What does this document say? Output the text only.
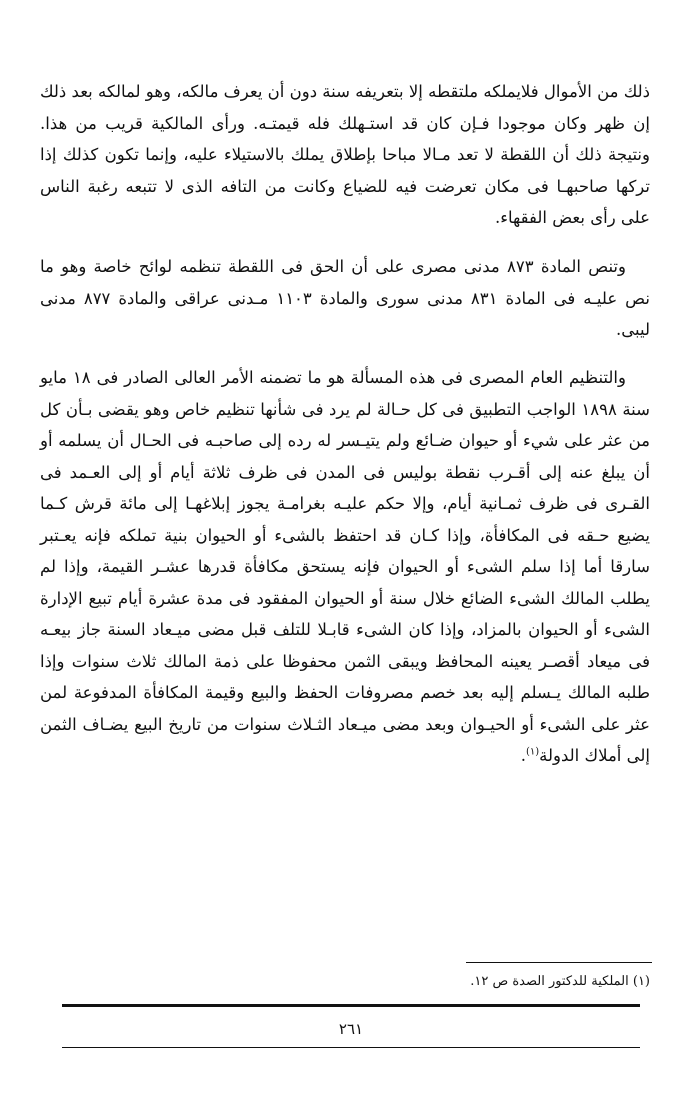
ذلك من الأموال فلايملكه ملتقطه إلا بتعريفه سنة دون أن يعرف مالكه، وهو لمالكه بعد ذلك إن ظهر وكان موجودا فـإن كان قد استـهلك فله قيمتـه. ورأى المالكية قريب من هذا. ونتيجة ذلك أن اللقطة لا تعد مـالا مباحا بإطلاق يملك بالاستيلاء عليه، وإنما تكون كذلك إذا تركها صاحبهـا فى مكان تعرضت فيه للضياع وكانت من التافه الذى لا تتبعه رغبة الناس على رأى بعض الفقهاء.

وتنص المادة ٨٧٣ مدنى مصرى على أن الحق فى اللقطة تنظمه لوائح خاصة وهو ما نص عليـه فى المادة ٨٣١ مدنى سورى والمادة ١١٠٣ مـدنى عراقى والمادة ٨٧٧ مدنى ليبى.

والتنظيم العام المصرى فى هذه المسألة هو ما تضمنه الأمر العالى الصادر فى ١٨ مايو سنة ١٨٩٨ الواجب التطبيق فى كل حـالة لم يرد فى شأنها تنظيم خاص وهو يقضى بـأن كل من عثر على شيء أو حيوان ضـائع ولم يتيـسر له رده إلى صاحبـه فى الحـال أن يسلمه أو أن يبلغ عنه إلى أقـرب نقطة بوليس فى المدن فى ظرف ثلاثة أيام أو إلى العـمد فى القـرى فى ظرف ثمـانية أيام، وإلا حكم عليـه بغرامـة يجوز إبلاغهـا إلى مائة قرش كـما يضيع حـقه فى المكافأة، وإذا كـان قد احتفظ بالشىء أو الحيوان بنية تملكه فإنه يعـتبر سارقا أما إذا سلم الشىء أو الحيوان فإنه يستحق مكافأة قدرها عشـر القيمة، وإذا لم يطلب المالك الشىء الضائع خلال سنة أو الحيوان المفقود فى مدة عشرة أيام تبيع الإدارة الشىء أو الحيوان بالمزاد، وإذا كان الشىء قابـلا للتلف قبل مضى ميـعاد السنة جاز بيعـه فى ميعاد أقصـر يعينه المحافظ ويبقى الثمن محفوظا على ذمة المالك ثلاث سنوات وإذا طلبه المالك يـسلم إليه بعد خصم مصروفات الحفظ والبيع وقيمة المكافأة المدفوعة لمن عثر على الشىء أو الحيـوان وبعد مضى ميـعاد الثـلاث سنوات من تاريخ البيع يضـاف الثمن إلى أملاك الدولة$^{(١)}$.

(١) الملكية للدكتور الصدة ص ١٢.

٢٦١
